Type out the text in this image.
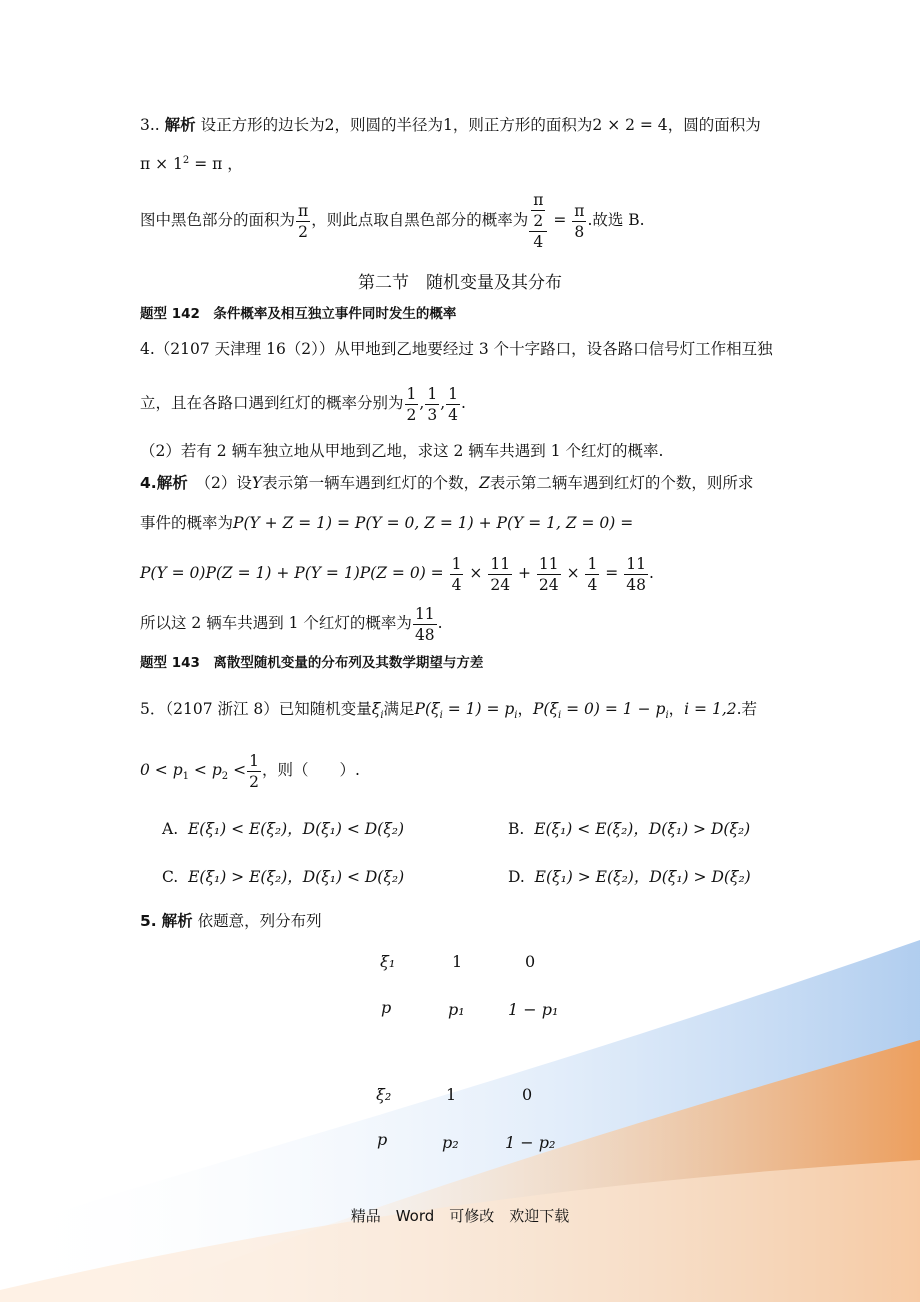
3.. 解析 设正方形的边长为2，则圆的半径为1，则正方形的面积为2 × 2 = 4，圆的面积为
$\pi \times 1^2 = \pi$ ，
图中黑色部分的面积为 $\frac{\pi}{2}$ ，则此点取自黑色部分的概率为 $\frac{\frac{\pi}{2}}{4} = \frac{\pi}{8}$ .故选 B.
第二节　随机变量及其分布
题型 142　条件概率及相互独立事件同时发生的概率
4.（2107 天津理 16（2））从甲地到乙地要经过 3 个十字路口，设各路口信号灯工作相互独
立，且在各路口遇到红灯的概率分别为 $\frac{1}{2}$ , $\frac{1}{3}$ , $\frac{1}{4}$ .
（2）若有 2 辆车独立地从甲地到乙地，求这 2 辆车共遇到 1 个红灯的概率.
4.解析　 （2）设Y表示第一辆车遇到红灯的个数，Z表示第二辆车遇到红灯的个数，则所求
事件的概率为P(Y + Z = 1) = P(Y = 0, Z = 1) + P(Y = 1, Z = 0) =
$P(Y = 0)P(Z = 1) + P(Y = 1)P(Z = 0) = \frac{1}{4} \times \frac{11}{24} + \frac{11}{24} \times \frac{1}{4} = \frac{11}{48}$ .
所以这 2 辆车共遇到 1 个红灯的概率为 $\frac{11}{48}$ .
题型 143　离散型随机变量的分布列及其数学期望与方差
5．（2107 浙江 8）已知随机变量$\xi_i$满足$P(\xi_i = 1) = p_i$，$P(\xi_i = 0) = 1 - p_i$，i = 1,2.若
$0 < p_1 < p_2 < \frac{1}{2}$ ，则（　　）.
A. E(ξ₁) < E(ξ₂)，D(ξ₁) < D(ξ₂)	B. E(ξ₁) < E(ξ₂)，D(ξ₁) > D(ξ₂)
C. E(ξ₁) > E(ξ₂)，D(ξ₁) < D(ξ₂)	D. E(ξ₁) > E(ξ₂)，D(ξ₁) > D(ξ₂)
5. 解析 依题意，列分布列
ξ₁	1	0
p	p₁	1 − p₁
ξ₂	1	0
p	p₂	1 − p₂
精品　Word　可修改　欢迎下载
